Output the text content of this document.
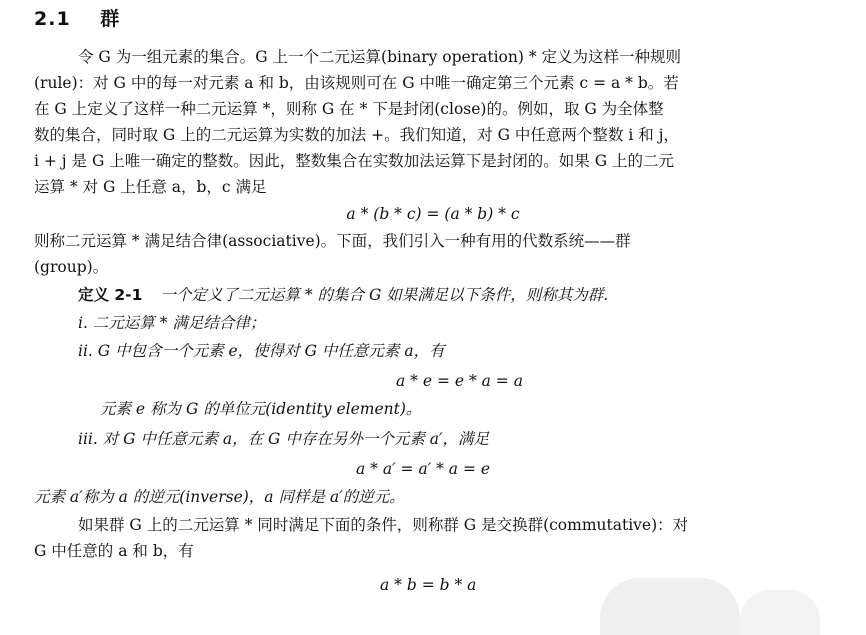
2.1 群
令 G 为一组元素的集合。G 上一个二元运算(binary operation) * 定义为这样一种规则
(rule)：对 G 中的每一对元素 a 和 b，由该规则可在 G 中唯一确定第三个元素 c = a * b。若
在 G 上定义了这样一种二元运算 *，则称 G 在 * 下是封闭(close)的。例如，取 G 为全体整
数的集合，同时取 G 上的二元运算为实数的加法 +。我们知道，对 G 中任意两个整数 i 和 j，
i + j 是 G 上唯一确定的整数。因此，整数集合在实数加法运算下是封闭的。如果 G 上的二元
运算 * 对 G 上任意 a，b，c 满足
a * (b * c) = (a * b) * c
则称二元运算 * 满足结合律(associative)。下面，我们引入一种有用的代数系统——群
(group)。
定义 2-1 一个定义了二元运算 * 的集合 G 如果满足以下条件，则称其为群.
i. 二元运算 * 满足结合律；
ii. G 中包含一个元素 e，使得对 G 中任意元素 a，有
a * e = e * a = a
元素 e 称为 G 的单位元(identity element)。
iii. 对 G 中任意元素 a，在 G 中存在另外一个元素 a′，满足
a * a′ = a′ * a = e
元素 a′称为 a 的逆元(inverse)，a 同样是 a′的逆元。
如果群 G 上的二元运算 * 同时满足下面的条件，则称群 G 是交换群(commutative)：对
G 中任意的 a 和 b，有
a * b = b * a
